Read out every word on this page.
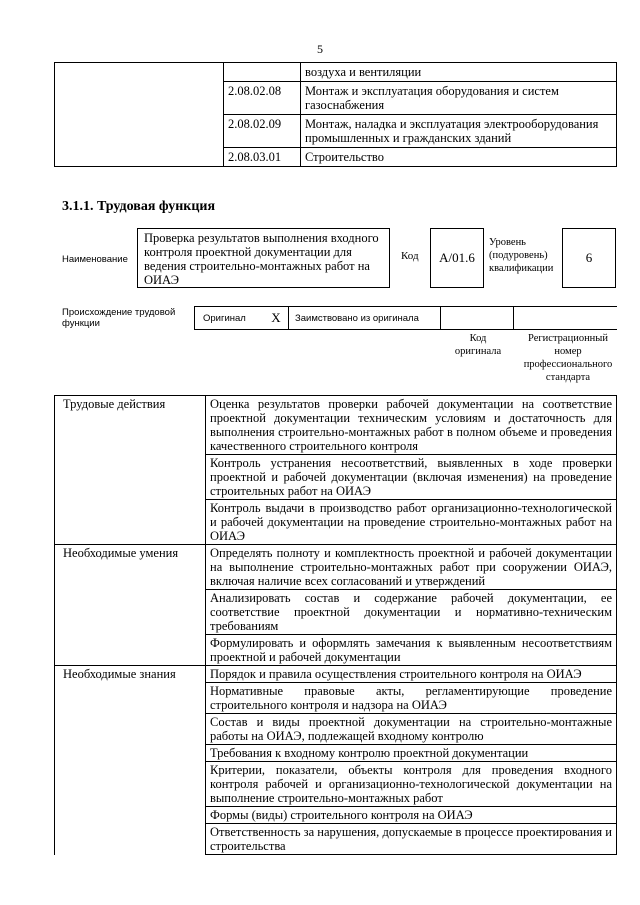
5
		воздуха и вентиляции
	2.08.02.08	Монтаж и эксплуатация оборудования и систем газоснабжения
	2.08.02.09	Монтаж, наладка и эксплуатация электрооборудования промышленных и гражданских зданий
	2.08.03.01	Строительство
3.1.1. Трудовая функция
Наименование
Проверка результатов выполнения входного контроля проектной документации для ведения строительно-монтажных работ на ОИАЭ
Код	А/01.6
Уровень (подуровень) квалификации
6
Происхождение трудовой функции	Оригинал	X	Заимствовано из оригинала
Код оригинала
Регистрационный номер профессионального стандарта
Трудовые действия	Оценка результатов проверки рабочей документации на соответствие проектной документации техническим условиям и достаточность для выполнения строительно-монтажных работ в полном объеме и проведения качественного строительного контроля
	Контроль устранения несоответствий, выявленных в ходе проверки проектной и рабочей документации (включая изменения) на проведение строительных работ на ОИАЭ
	Контроль выдачи в производство работ организационно-технологической и рабочей документации на проведение строительно-монтажных работ на ОИАЭ
Необходимые умения	Определять полноту и комплектность проектной и рабочей документации на выполнение строительно-монтажных работ при сооружении ОИАЭ, включая наличие всех согласований и утверждений
	Анализировать состав и содержание рабочей документации, ее соответствие проектной документации и нормативно-техническим требованиям
	Формулировать и оформлять замечания к выявленным несоответствиям проектной и рабочей документации
Необходимые знания	Порядок и правила осуществления строительного контроля на ОИАЭ
	Нормативные правовые акты, регламентирующие проведение строительного контроля и надзора на ОИАЭ
	Состав и виды проектной документации на строительно-монтажные работы на ОИАЭ, подлежащей входному контролю
	Требования к входному контролю проектной документации
	Критерии, показатели, объекты контроля для проведения входного контроля рабочей и организационно-технологической документации на выполнение строительно-монтажных работ
	Формы (виды) строительного контроля на ОИАЭ
	Ответственность за нарушения, допускаемые в процессе проектирования и строительства
